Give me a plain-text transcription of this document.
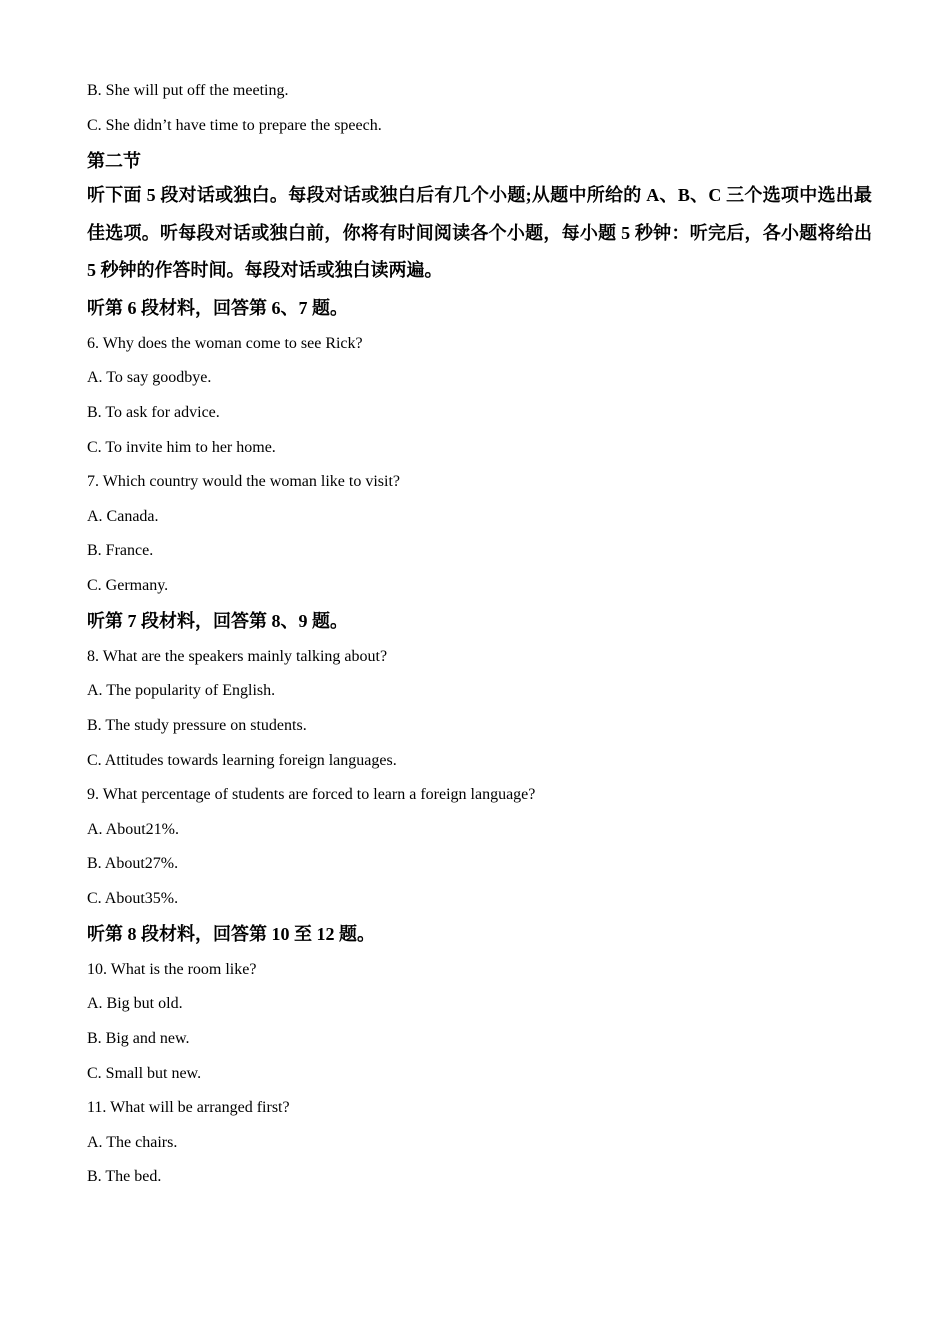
B. She will put off the meeting.
C. She didn’t have time to prepare the speech.
第二节
听下面 5 段对话或独白。每段对话或独白后有几个小题;从题中所给的 A、B、C 三个选项中选出最佳选项。听每段对话或独白前，你将有时间阅读各个小题，每小题 5 秒钟：听完后，各小题将给出 5 秒钟的作答时间。每段对话或独白读两遍。
听第 6 段材料，回答第 6、7 题。
6. Why does the woman come to see Rick?
A. To say goodbye.
B. To ask for advice.
C. To invite him to her home.
7. Which country would the woman like to visit?
A. Canada.
B. France.
C. Germany.
听第 7 段材料，回答第 8、9 题。
8. What are the speakers mainly talking about?
A. The popularity of English.
B. The study pressure on students.
C. Attitudes towards learning foreign languages.
9. What percentage of students are forced to learn a foreign language?
A. About21%.
B. About27%.
C. About35%.
听第 8 段材料，回答第 10 至 12 题。
10. What is the room like?
A. Big but old.
B. Big and new.
C. Small but new.
11. What will be arranged first?
A. The chairs.
B. The bed.
